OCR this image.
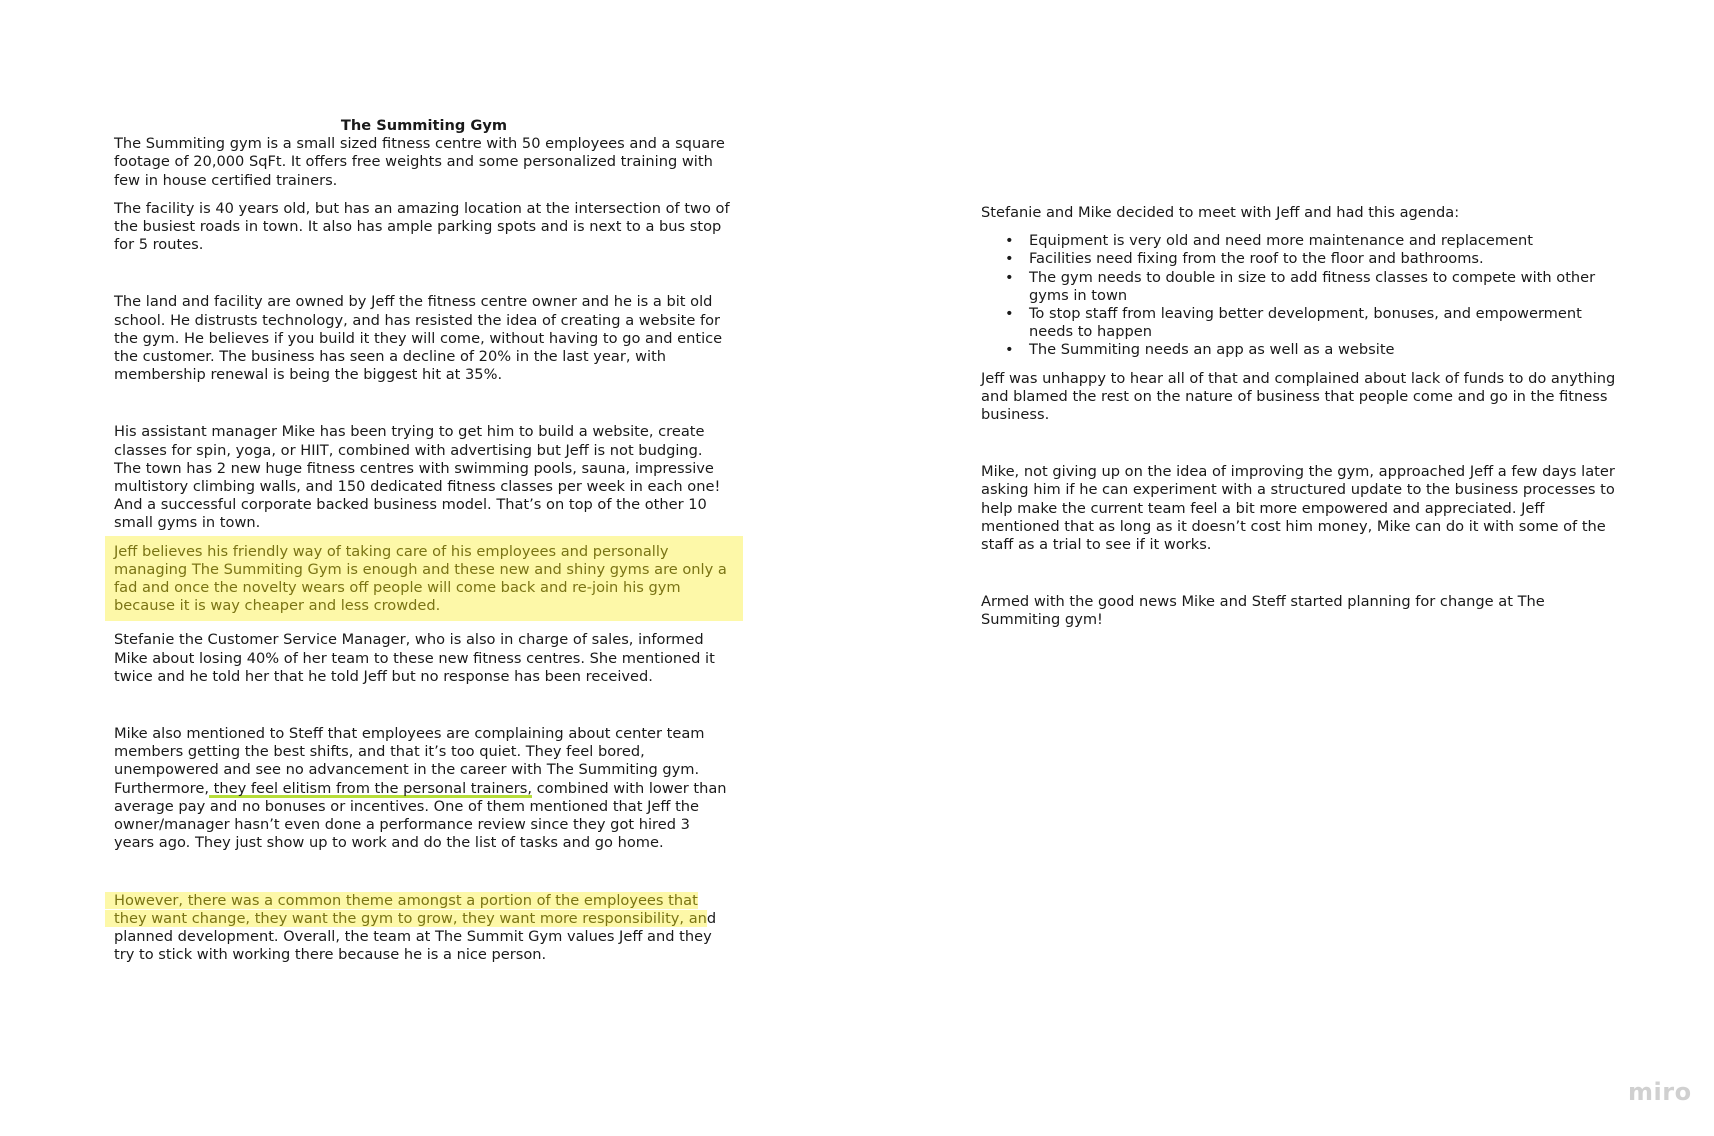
The Summiting Gym

The Summiting gym is a small sized fitness centre with 50 employees and a square footage of 20,000 SqFt. It offers free weights and some personalized training with few in house certified trainers.

The facility is 40 years old, but has an amazing location at the intersection of two of the busiest roads in town. It also has ample parking spots and is next to a bus stop for 5 routes.

The land and facility are owned by Jeff the fitness centre owner and he is a bit old school. He distrusts technology, and has resisted the idea of creating a website for the gym. He believes if you build it they will come, without having to go and entice the customer. The business has seen a decline of 20% in the last year, with membership renewal is being the biggest hit at 35%.

His assistant manager Mike has been trying to get him to build a website, create classes for spin, yoga, or HIIT, combined with advertising but Jeff is not budging. The town has 2 new huge fitness centres with swimming pools, sauna, impressive multistory climbing walls, and 150 dedicated fitness classes per week in each one! And a successful corporate backed business model. That’s on top of the other 10 small gyms in town.

Jeff believes his friendly way of taking care of his employees and personally managing The Summiting Gym is enough and these new and shiny gyms are only a fad and once the novelty wears off people will come back and re-join his gym because it is way cheaper and less crowded.

Stefanie the Customer Service Manager, who is also in charge of sales, informed Mike about losing 40% of her team to these new fitness centres. She mentioned it twice and he told her that he told Jeff but no response has been received.

Mike also mentioned to Steff that employees are complaining about center team members getting the best shifts, and that it’s too quiet. They feel bored, unempowered and see no advancement in the career with The Summiting gym. Furthermore, they feel elitism from the personal trainers, combined with lower than average pay and no bonuses or incentives. One of them mentioned that Jeff the owner/manager hasn’t even done a performance review since they got hired 3 years ago. They just show up to work and do the list of tasks and go home.

However, there was a common theme amongst a portion of the employees that they want change, they want the gym to grow, they want more responsibility, and planned development. Overall, the team at The Summit Gym values Jeff and they try to stick with working there because he is a nice person.

Stefanie and Mike decided to meet with Jeff and had this agenda:

• Equipment is very old and need more maintenance and replacement
• Facilities need fixing from the roof to the floor and bathrooms.
• The gym needs to double in size to add fitness classes to compete with other gyms in town
• To stop staff from leaving better development, bonuses, and empowerment needs to happen
• The Summiting needs an app as well as a website

Jeff was unhappy to hear all of that and complained about lack of funds to do anything and blamed the rest on the nature of business that people come and go in the fitness business.

Mike, not giving up on the idea of improving the gym, approached Jeff a few days later asking him if he can experiment with a structured update to the business processes to help make the current team feel a bit more empowered and appreciated. Jeff mentioned that as long as it doesn’t cost him money, Mike can do it with some of the staff as a trial to see if it works.

Armed with the good news Mike and Steff started planning for change at The Summiting gym!

miro
